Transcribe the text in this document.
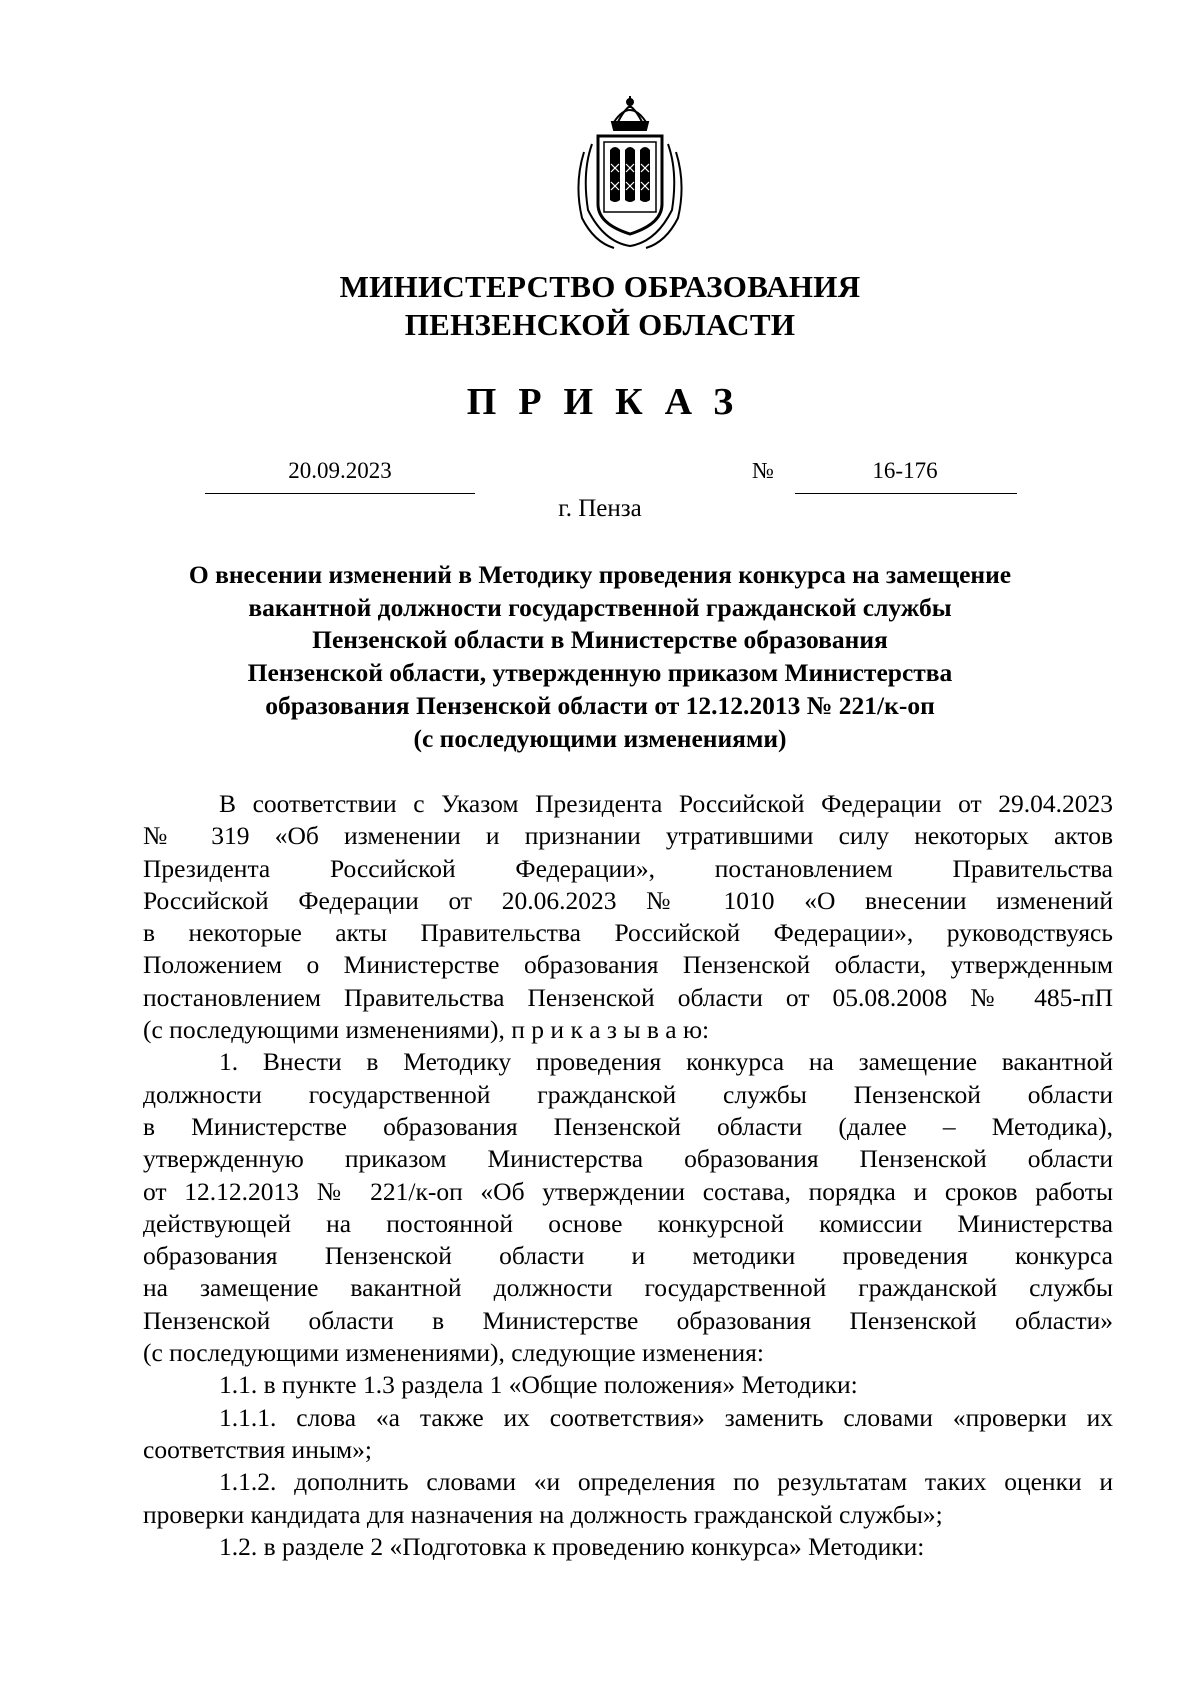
МИНИСТЕРСТВО ОБРАЗОВАНИЯ
ПЕНЗЕНСКОЙ ОБЛАСТИ
ПРИКАЗ
20.09.2023	№	16-176
г. Пенза
О внесении изменений в Методику проведения конкурса на замещение
вакантной должности государственной гражданской службы
Пензенской области в Министерстве образования
Пензенской области, утвержденную приказом Министерства
образования Пензенской области от 12.12.2013 № 221/к-оп
(с последующими изменениями)
В соответствии с Указом Президента Российской Федерации от 29.04.2023
№ 319 «Об изменении и признании утратившими силу некоторых актов
Президента Российской Федерации», постановлением Правительства
Российской Федерации от 20.06.2023 № 1010 «О внесении изменений
в некоторые акты Правительства Российской Федерации», руководствуясь
Положением о Министерстве образования Пензенской области, утвержденным
постановлением Правительства Пензенской области от 05.08.2008 № 485-пП
(с последующими изменениями), п р и к а з ы в а ю:
1. Внести в Методику проведения конкурса на замещение вакантной
должности государственной гражданской службы Пензенской области
в Министерстве образования Пензенской области (далее – Методика),
утвержденную приказом Министерства образования Пензенской области
от 12.12.2013 № 221/к-оп «Об утверждении состава, порядка и сроков работы
действующей на постоянной основе конкурсной комиссии Министерства
образования Пензенской области и методики проведения конкурса
на замещение вакантной должности государственной гражданской службы
Пензенской области в Министерстве образования Пензенской области»
(с последующими изменениями), следующие изменения:
1.1. в пункте 1.3 раздела 1 «Общие положения» Методики:
1.1.1. слова «а также их соответствия» заменить словами «проверки их
соответствия иным»;
1.1.2. дополнить словами «и определения по результатам таких оценки и
проверки кандидата для назначения на должность гражданской службы»;
1.2. в разделе 2 «Подготовка к проведению конкурса» Методики:
